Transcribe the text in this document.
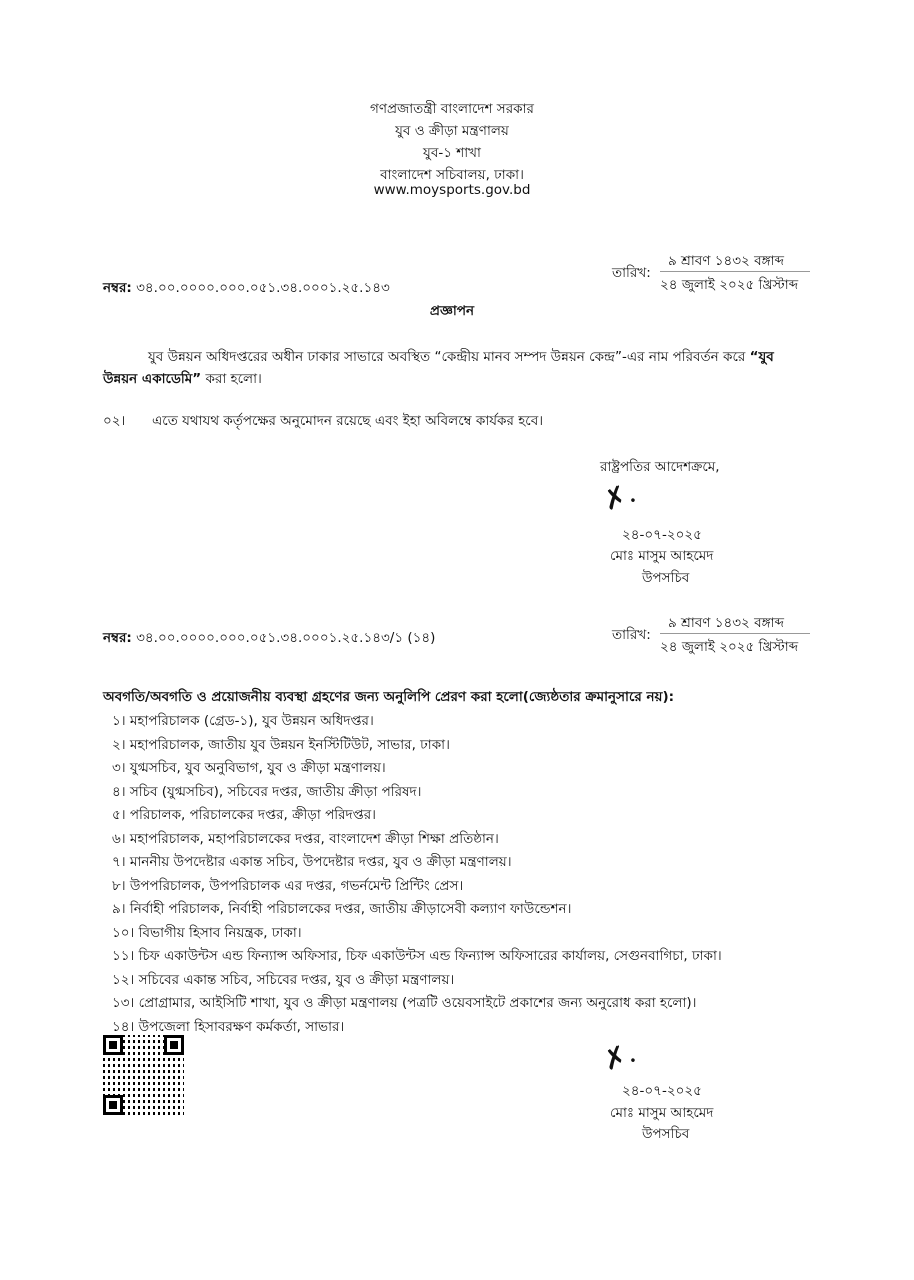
গণপ্রজাতন্ত্রী বাংলাদেশ সরকার
যুব ও ক্রীড়া মন্ত্রণালয়
যুব-১ শাখা
বাংলাদেশ সচিবালয়, ঢাকা।
www.moysports.gov.bd
নম্বর: ৩৪.০০.০০০০.০০০.০৫১.৩৪.০০০১.২৫.১৪৩
তারিখ:
৯ শ্রাবণ ১৪৩২ বঙ্গাব্দ
২৪ জুলাই ২০২৫ খ্রিস্টাব্দ
প্রজ্ঞাপন
যুব উন্নয়ন অধিদপ্তরের অধীন ঢাকার সাভারে অবস্থিত “কেন্দ্রীয় মানব সম্পদ উন্নয়ন কেন্দ্র”-এর নাম পরিবর্তন করে “যুব
উন্নয়ন একাডেমি” করা হলো।
০২। এতে যথাযথ কর্তৃপক্ষের অনুমোদন রয়েছে এবং ইহা অবিলম্বে কার্যকর হবে।
রাষ্ট্রপতির আদেশক্রমে,
✗.
২৪-০৭-২০২৫
মোঃ মাসুম আহমেদ
উপসচিব
নম্বর: ৩৪.০০.০০০০.০০০.০৫১.৩৪.০০০১.২৫.১৪৩/১ (১৪)	তারিখ:
৯ শ্রাবণ ১৪৩২ বঙ্গাব্দ
২৪ জুলাই ২০২৫ খ্রিস্টাব্দ
অবগতি/অবগতি ও প্রয়োজনীয় ব্যবস্থা গ্রহণের জন্য অনুলিপি প্রেরণ করা হলো(জ্যেষ্ঠতার ক্রমানুসারে নয়):
১। মহাপরিচালক (গ্রেড-১), যুব উন্নয়ন অধিদপ্তর।
২। মহাপরিচালক, জাতীয় যুব উন্নয়ন ইনস্টিটিউট, সাভার, ঢাকা।
৩। যুগ্মসচিব, যুব অনুবিভাগ, যুব ও ক্রীড়া মন্ত্রণালয়।
৪। সচিব (যুগ্মসচিব), সচিবের দপ্তর, জাতীয় ক্রীড়া পরিষদ।
৫। পরিচালক, পরিচালকের দপ্তর, ক্রীড়া পরিদপ্তর।
৬। মহাপরিচালক, মহাপরিচালকের দপ্তর, বাংলাদেশ ক্রীড়া শিক্ষা প্রতিষ্ঠান।
৭। মাননীয় উপদেষ্টার একান্ত সচিব, উপদেষ্টার দপ্তর, যুব ও ক্রীড়া মন্ত্রণালয়।
৮। উপপরিচালক, উপপরিচালক এর দপ্তর, গভর্নমেন্ট প্রিন্টিং প্রেস।
৯। নির্বাহী পরিচালক, নির্বাহী পরিচালকের দপ্তর, জাতীয় ক্রীড়াসেবী কল্যাণ ফাউন্ডেশন।
১০। বিভাগীয় হিসাব নিয়ন্ত্রক, ঢাকা।
১১। চিফ একাউন্টস এন্ড ফিন্যান্স অফিসার, চিফ একাউন্টস এন্ড ফিন্যান্স অফিসারের কার্যালয়, সেগুনবাগিচা, ঢাকা।
১২। সচিবের একান্ত সচিব, সচিবের দপ্তর, যুব ও ক্রীড়া মন্ত্রণালয়।
১৩। প্রোগ্রামার, আইসিটি শাখা, যুব ও ক্রীড়া মন্ত্রণালয় (পত্রটি ওয়েবসাইটে প্রকাশের জন্য অনুরোধ করা হলো)।
১৪। উপজেলা হিসাবরক্ষণ কর্মকর্তা, সাভার।
✗.
২৪-০৭-২০২৫
মোঃ মাসুম আহমেদ
উপসচিব
